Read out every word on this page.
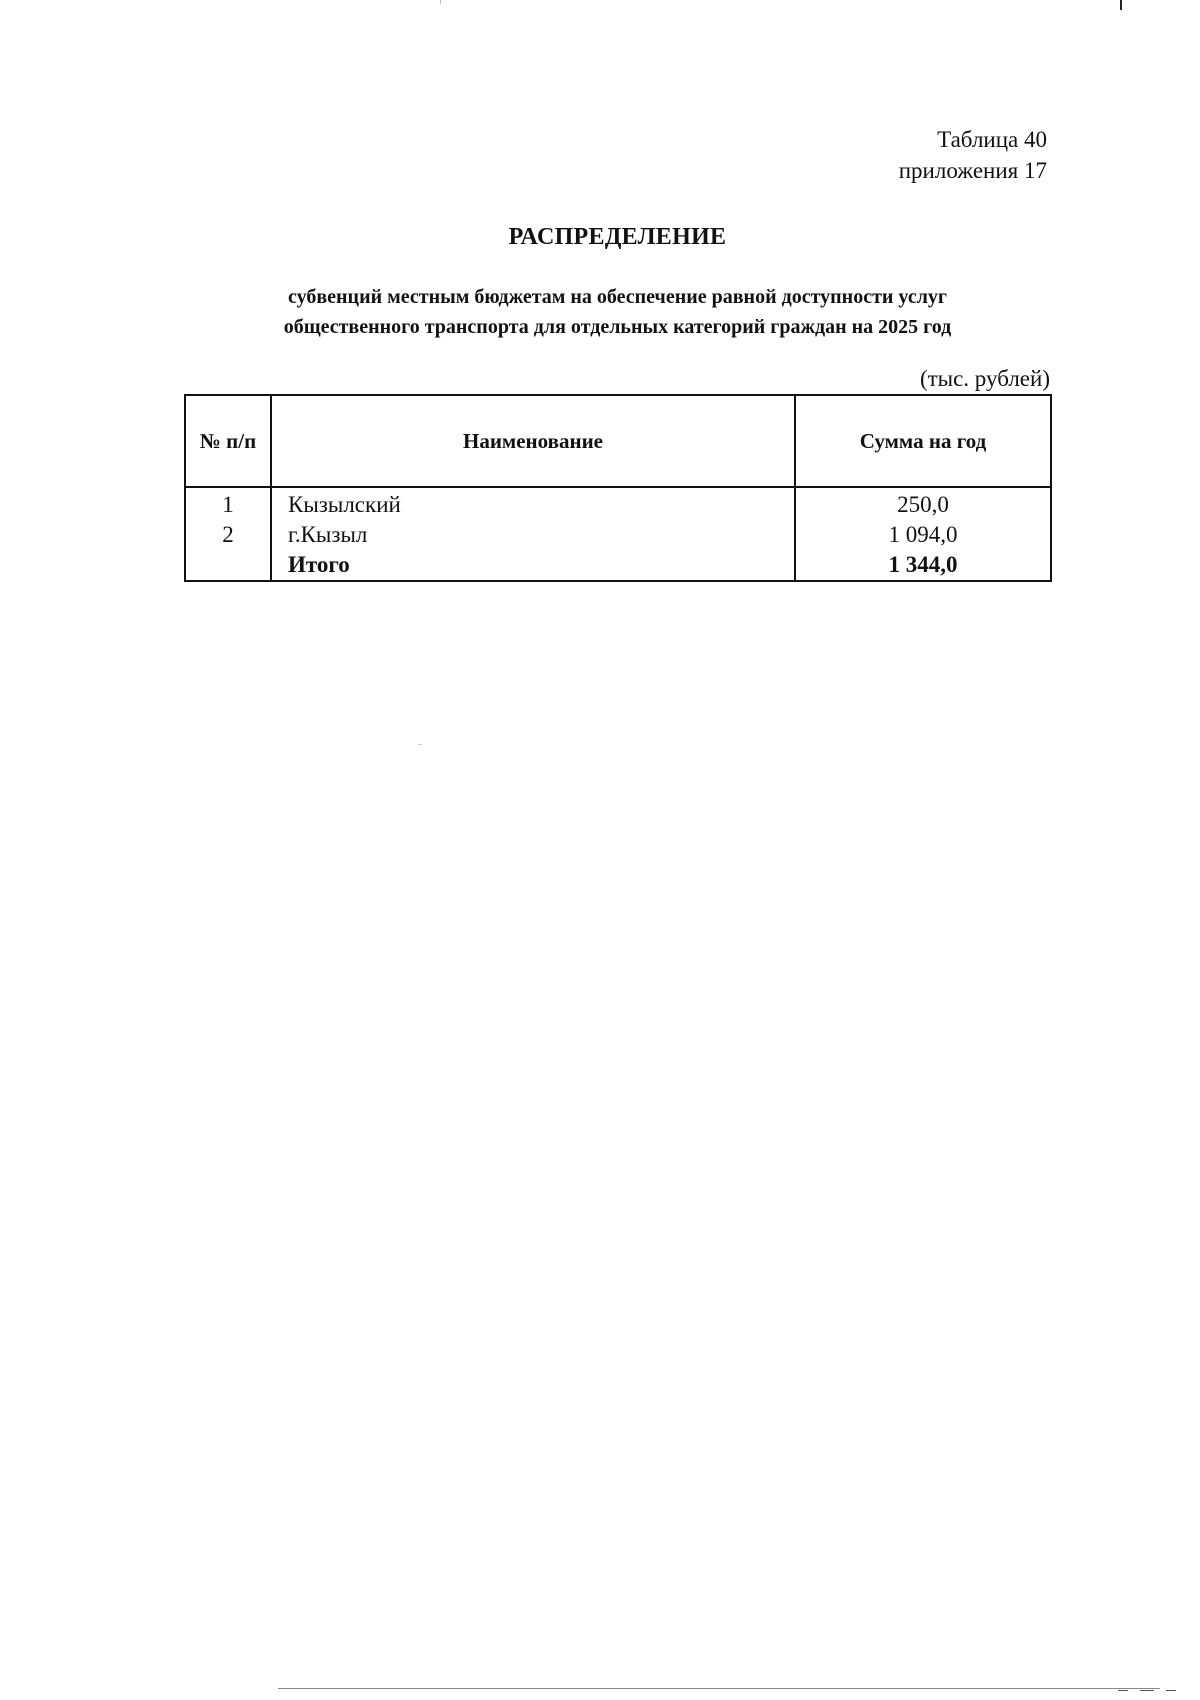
Таблица 40
приложения 17
РАСПРЕДЕЛЕНИЕ
субвенций местным бюджетам на обеспечение равной доступности услуг
общественного транспорта для отдельных категорий граждан на 2025 год
(тыс. рублей)
№ п/п	Наименование	Сумма на год
1	Кызылский	250,0
2	г.Кызыл	1 094,0
	Итого	1 344,0
